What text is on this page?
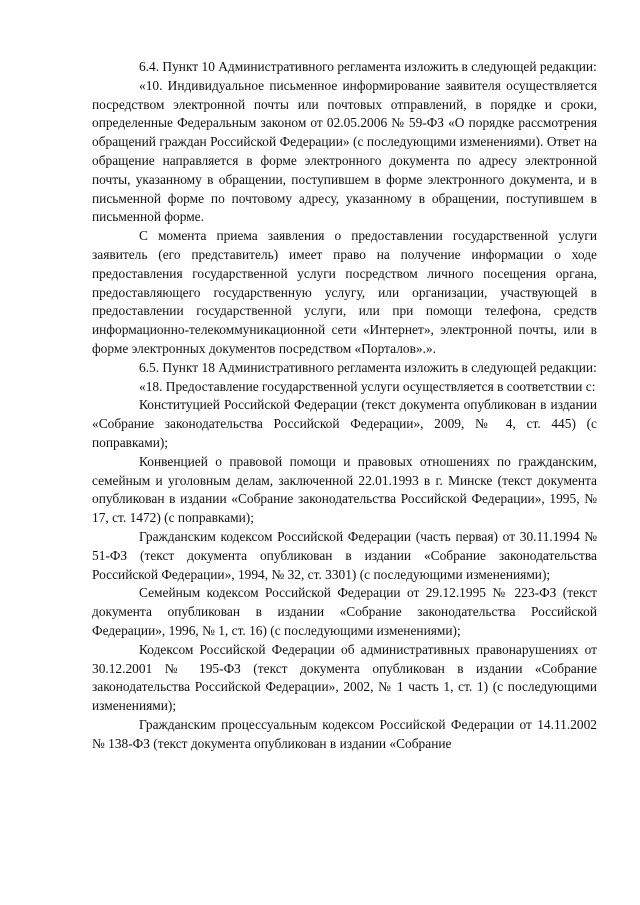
6.4. Пункт 10 Административного регламента изложить в следующей редакции:

«10. Индивидуальное письменное информирование заявителя осуществляется посредством электронной почты или почтовых отправлений, в порядке и сроки, определенные Федеральным законом от 02.05.2006 № 59-ФЗ «О порядке рассмотрения обращений граждан Российской Федерации» (с последующими изменениями). Ответ на обращение направляется в форме электронного документа по адресу электронной почты, указанному в обращении, поступившем в форме электронного документа, и в письменной форме по почтовому адресу, указанному в обращении, поступившем в письменной форме.

С момента приема заявления о предоставлении государственной услуги заявитель (его представитель) имеет право на получение информации о ходе предоставления государственной услуги посредством личного посещения органа, предоставляющего государственную услугу, или организации, участвующей в предоставлении государственной услуги, или при помощи телефона, средств информационно-телекоммуникационной сети «Интернет», электронной почты, или в форме электронных документов посредством «Порталов».».

6.5. Пункт 18 Административного регламента изложить в следующей редакции:

«18. Предоставление государственной услуги осуществляется в соответствии с:

Конституцией Российской Федерации (текст документа опубликован в издании «Собрание законодательства Российской Федерации», 2009, № 4, ст. 445) (с поправками);

Конвенцией о правовой помощи и правовых отношениях по гражданским, семейным и уголовным делам, заключенной 22.01.1993 в г. Минске (текст документа опубликован в издании «Собрание законодательства Российской Федерации», 1995, № 17, ст. 1472) (с поправками);

Гражданским кодексом Российской Федерации (часть первая) от 30.11.1994 № 51-ФЗ (текст документа опубликован в издании «Собрание законодательства Российской Федерации», 1994, № 32, ст. 3301) (с последующими изменениями);

Семейным кодексом Российской Федерации от 29.12.1995 № 223-ФЗ (текст документа опубликован в издании «Собрание законодательства Российской Федерации», 1996, № 1, ст. 16) (с последующими изменениями);

Кодексом Российской Федерации об административных правонарушениях от 30.12.2001 № 195-ФЗ (текст документа опубликован в издании «Собрание законодательства Российской Федерации», 2002, № 1 часть 1, ст. 1) (с последующими изменениями);

Гражданским процессуальным кодексом Российской Федерации от 14.11.2002 № 138-ФЗ (текст документа опубликован в издании «Собрание
